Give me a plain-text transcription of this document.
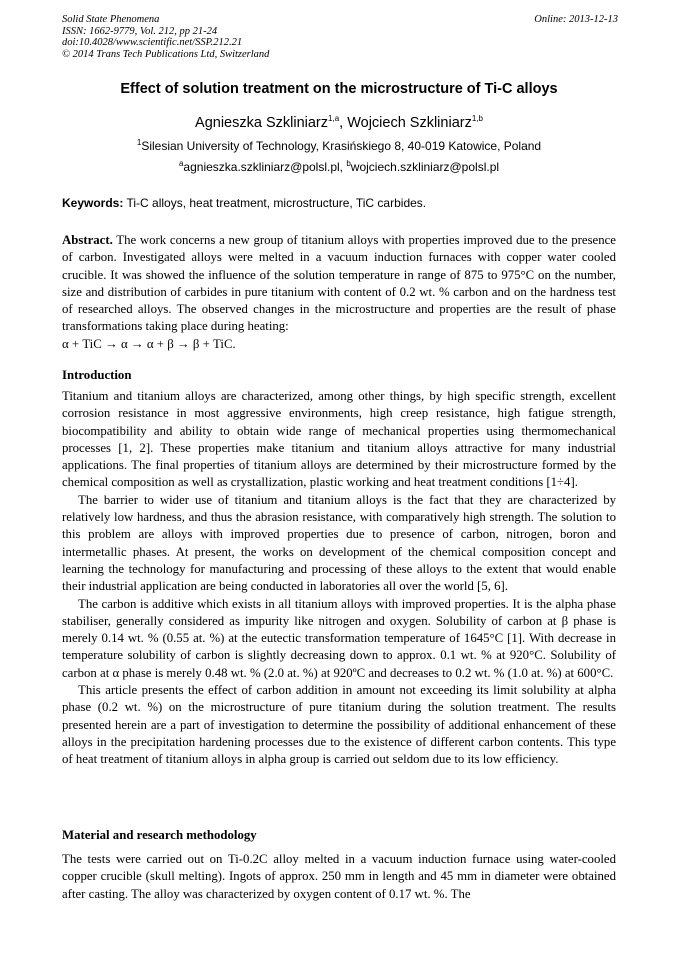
Solid State Phenomena	Online: 2013-12-13
ISSN: 1662-9779, Vol. 212, pp 21-24
doi:10.4028/www.scientific.net/SSP.212.21
© 2014 Trans Tech Publications Ltd, Switzerland
Effect of solution treatment on the microstructure of Ti-C alloys
Agnieszka Szkliniarz$^{1,a}$, Wojciech Szkliniarz$^{1,b}$
$^1$Silesian University of Technology, Krasińskiego 8, 40-019 Katowice, Poland
$^a$agnieszka.szkliniarz@polsl.pl, $^b$wojciech.szkliniarz@polsl.pl
Keywords: Ti-C alloys, heat treatment, microstructure, TiC carbides.
Abstract. The work concerns a new group of titanium alloys with properties improved due to the presence of carbon. Investigated alloys were melted in a vacuum induction furnaces with copper water cooled crucible. It was showed the influence of the solution temperature in range of 875 to 975°C on the number, size and distribution of carbides in pure titanium with content of 0.2 wt. % carbon and on the hardness test of researched alloys. The observed changes in the microstructure and properties are the result of phase transformations taking place during heating:
α + TiC → α → α + β → β + TiC.
Introduction

Titanium and titanium alloys are characterized, among other things, by high specific strength, excellent corrosion resistance in most aggressive environments, high creep resistance, high fatigue strength, biocompatibility and ability to obtain wide range of mechanical properties using thermomechanical processes [1, 2]. These properties make titanium and titanium alloys attractive for many industrial applications. The final properties of titanium alloys are determined by their microstructure formed by the chemical composition as well as crystallization, plastic working and heat treatment conditions [1÷4].

The barrier to wider use of titanium and titanium alloys is the fact that they are characterized by relatively low hardness, and thus the abrasion resistance, with comparatively high strength. The solution to this problem are alloys with improved properties due to presence of carbon, nitrogen, boron and intermetallic phases. At present, the works on development of the chemical composition concept and learning the technology for manufacturing and processing of these alloys to the extent that would enable their industrial application are being conducted in laboratories all over the world [5, 6].

The carbon is additive which exists in all titanium alloys with improved properties. It is the alpha phase stabiliser, generally considered as impurity like nitrogen and oxygen. Solubility of carbon at β phase is merely 0.14 wt. % (0.55 at. %) at the eutectic transformation temperature of 1645°C [1]. With decrease in temperature solubility of carbon is slightly decreasing down to approx. 0.1 wt. % at 920°C. Solubility of carbon at α phase is merely 0.48 wt. % (2.0 at. %) at 920ºC and decreases to 0.2 wt. % (1.0 at. %) at 600°C.

This article presents the effect of carbon addition in amount not exceeding its limit solubility at alpha phase (0.2 wt. %) on the microstructure of pure titanium during the solution treatment. The results presented herein are a part of investigation to determine the possibility of additional enhancement of these alloys in the precipitation hardening processes due to the existence of different carbon contents. This type of heat treatment of titanium alloys in alpha group is carried out seldom due to its low efficiency.

Material and research methodology

The tests were carried out on Ti-0.2C alloy melted in a vacuum induction furnace using water-cooled copper crucible (skull melting). Ingots of approx. 250 mm in length and 45 mm in diameter were obtained after casting. The alloy was characterized by oxygen content of 0.17 wt. %. The
